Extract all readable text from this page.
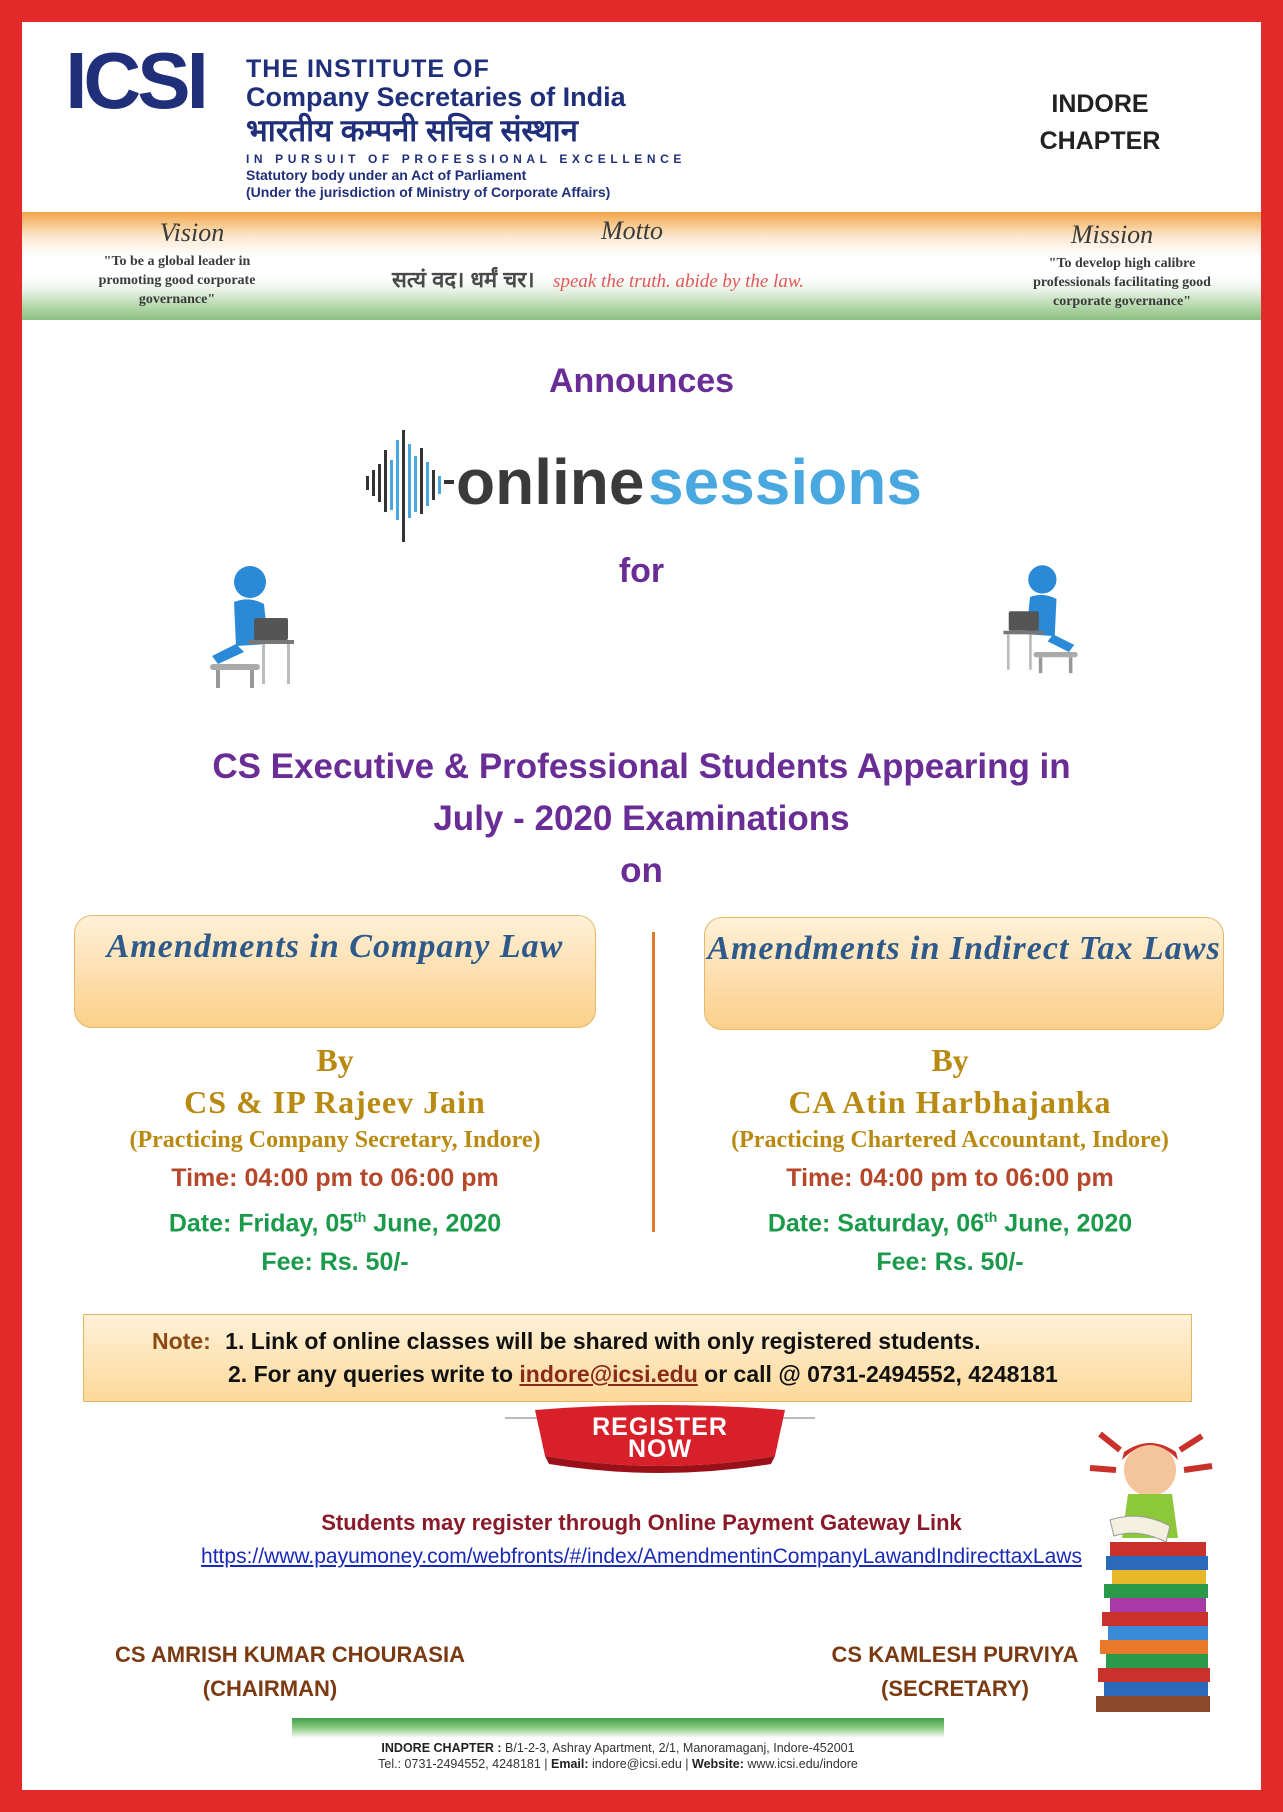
ICSI THE INSTITUTE OF
Company Secretaries of India
भारतीय कम्पनी सचिव संस्थान
IN PURSUIT OF PROFESSIONAL EXCELLENCE
Statutory body under an Act of Parliament
(Under the jurisdiction of Ministry of Corporate Affairs)
INDORE
CHAPTER
Vision
"To be a global leader in promoting good corporate governance"
Motto
सत्यं वद। धर्मं चर। speak the truth. abide by the law.
Mission
"To develop high calibre professionals facilitating good corporate governance"
Announces
online sessions
for
CS Executive & Professional Students Appearing in
July - 2020 Examinations
on
Amendments in Company Law	Amendments in Indirect Tax Laws
By
CS & IP Rajeev Jain
(Practicing Company Secretary, Indore)
Time: 04:00 pm to 06:00 pm
Date: Friday, 05th June, 2020
Fee: Rs. 50/-
By
CA Atin Harbhajanka
(Practicing Chartered Accountant, Indore)
Time: 04:00 pm to 06:00 pm
Date: Saturday, 06th June, 2020
Fee: Rs. 50/-
Note: 1. Link of online classes will be shared with only registered students.
2. For any queries write to indore@icsi.edu or call @ 0731-2494552, 4248181
REGISTER
NOW
Students may register through Online Payment Gateway Link
https://www.payumoney.com/webfronts/#/index/AmendmentinCompanyLawandIndirecttaxLaws
CS AMRISH KUMAR CHOURASIA
(CHAIRMAN)
CS KAMLESH PURVIYA
(SECRETARY)
INDORE CHAPTER : B/1-2-3, Ashray Apartment, 2/1, Manoramaganj, Indore-452001
Tel.: 0731-2494552, 4248181 | Email: indore@icsi.edu | Website: www.icsi.edu/indore
